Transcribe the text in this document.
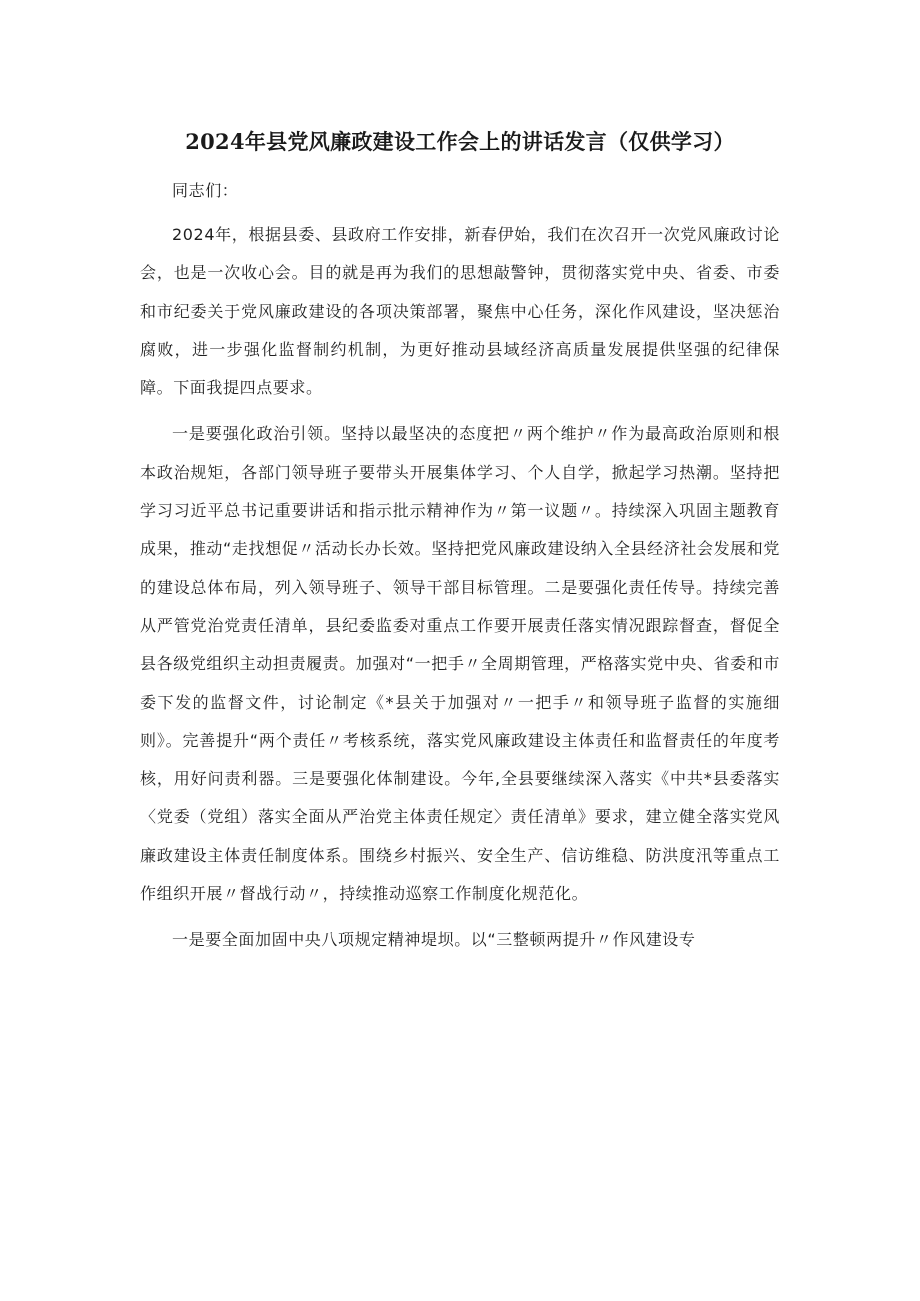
2024年县党风廉政建设工作会上的讲话发言（仅供学习）

同志们：

2024年，根据县委、县政府工作安排，新春伊始，我们在次召开一次党风廉政讨论会，也是一次收心会。目的就是再为我们的思想敲警钟，贯彻落实党中央、省委、市委和市纪委关于党风廉政建设的各项决策部署，聚焦中心任务，深化作风建设，坚决惩治腐败，进一步强化监督制约机制，为更好推动县域经济高质量发展提供坚强的纪律保障。下面我提四点要求。

一是要强化政治引领。坚持以最坚决的态度把〃两个维护〃作为最高政治原则和根本政治规矩，各部门领导班子要带头开展集体学习、个人自学，掀起学习热潮。坚持把学习习近平总书记重要讲话和指示批示精神作为〃第一议题〃。持续深入巩固主题教育成果，推动“走找想促〃活动长办长效。坚持把党风廉政建设纳入全县经济社会发展和党的建设总体布局，列入领导班子、领导干部目标管理。二是要强化责任传导。持续完善从严管党治党责任清单，县纪委监委对重点工作要开展责任落实情况跟踪督查，督促全县各级党组织主动担责履责。加强对“一把手〃全周期管理，严格落实党中央、省委和市委下发的监督文件，讨论制定《*县关于加强对〃一把手〃和领导班子监督的实施细则》。完善提升“两个责任〃考核系统，落实党风廉政建设主体责任和监督责任的年度考核，用好问责利器。三是要强化体制建设。今年,全县要继续深入落实《中共*县委落实〈党委（党组）落实全面从严治党主体责任规定〉责任清单》要求，建立健全落实党风廉政建设主体责任制度体系。围绕乡村振兴、安全生产、信访维稳、防洪度汛等重点工作组织开展〃督战行动〃，持续推动巡察工作制度化规范化。

一是要全面加固中央八项规定精神堤坝。以“三整顿两提升〃作风建设专
